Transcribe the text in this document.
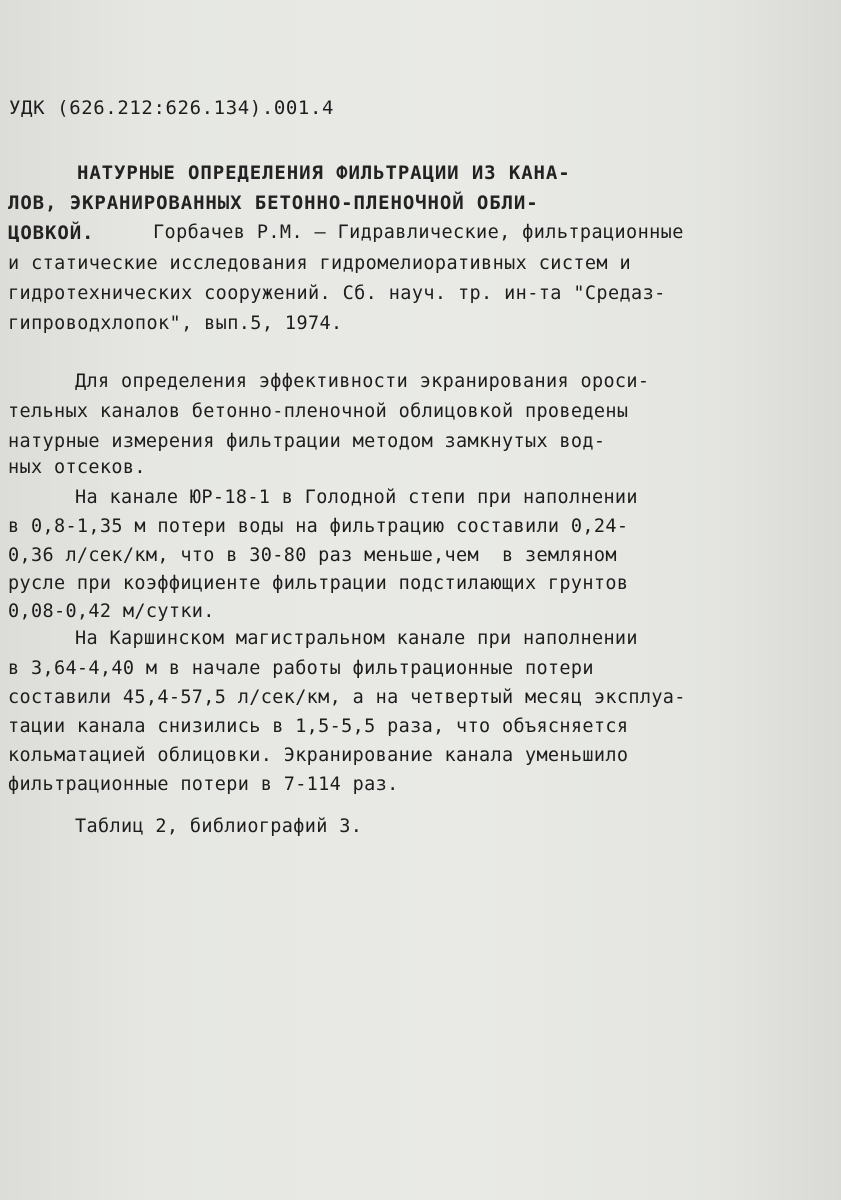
УДК (626.212:626.134).001.4
НАТУРНЫЕ ОПРЕДЕЛЕНИЯ ФИЛЬТРАЦИИ ИЗ КАНА-
ЛОВ, ЭКРАНИРОВАННЫХ БЕТОННО-ПЛЕНОЧНОЙ ОБЛИ-
ЦОВКОЙ.	Горбачев Р.М. – Гидравлические, фильтрационные
и статические исследования гидромелиоративных систем и
гидротехнических сооружений. Сб. науч. тр. ин-та "Средаз-
гипроводхлопок", вып.5, 1974.
Для определения эффективности экранирования ороси-
тельных каналов бетонно-пленочной облицовкой проведены
натурные измерения фильтрации методом замкнутых вод-
ных отсеков.
На канале ЮР-18-1 в Голодной степи при наполнении
в 0,8-1,35 м потери воды на фильтрацию составили 0,24-
0,36 л/сек/км, что в 30-80 раз меньше,чем  в земляном
русле при коэффициенте фильтрации подстилающих грунтов
0,08-0,42 м/сутки.
На Каршинском магистральном канале при наполнении
в 3,64-4,40 м в начале работы фильтрационные потери
составили 45,4-57,5 л/сек/км, а на четвертый месяц эксплуа-
тации канала снизились в 1,5-5,5 раза, что объясняется
кольматацией облицовки. Экранирование канала уменьшило
фильтрационные потери в 7-114 раз.
Таблиц 2, библиографий 3.
